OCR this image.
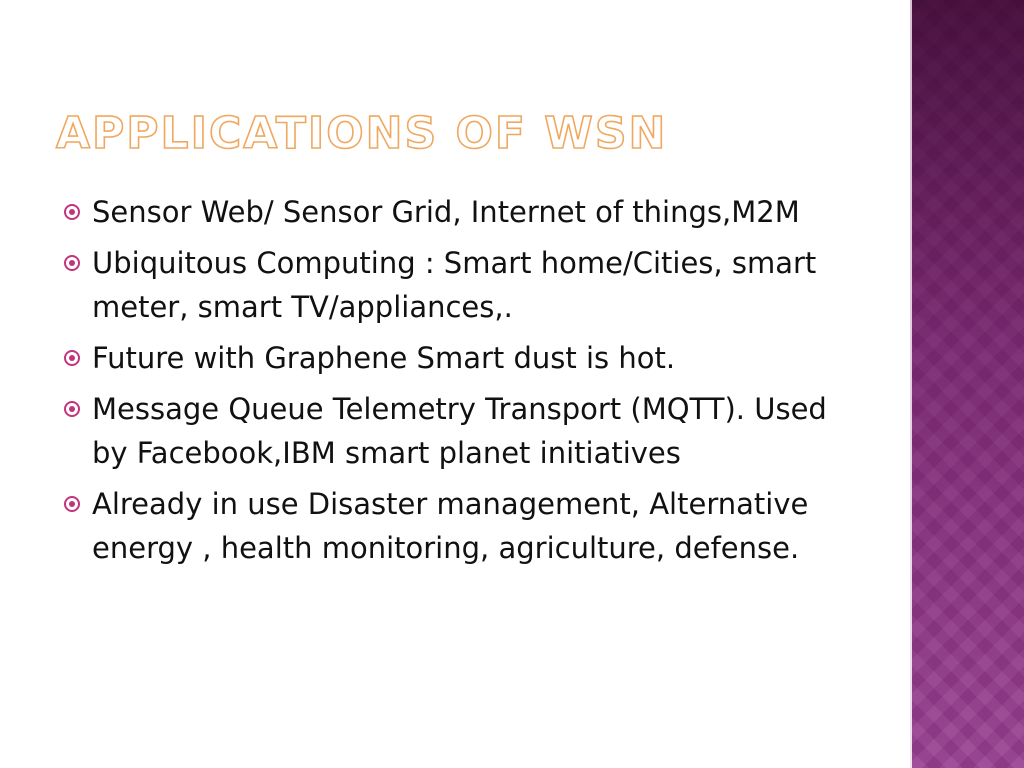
APPLICATIONS OF WSN
Sensor Web/ Sensor Grid, Internet of things,M2M
Ubiquitous Computing : Smart home/Cities, smart meter, smart TV/appliances,.
Future with Graphene Smart dust is hot.
Message Queue Telemetry Transport (MQTT). Used by Facebook,IBM smart planet initiatives
Already in use Disaster management, Alternative energy , health monitoring, agriculture, defense.
